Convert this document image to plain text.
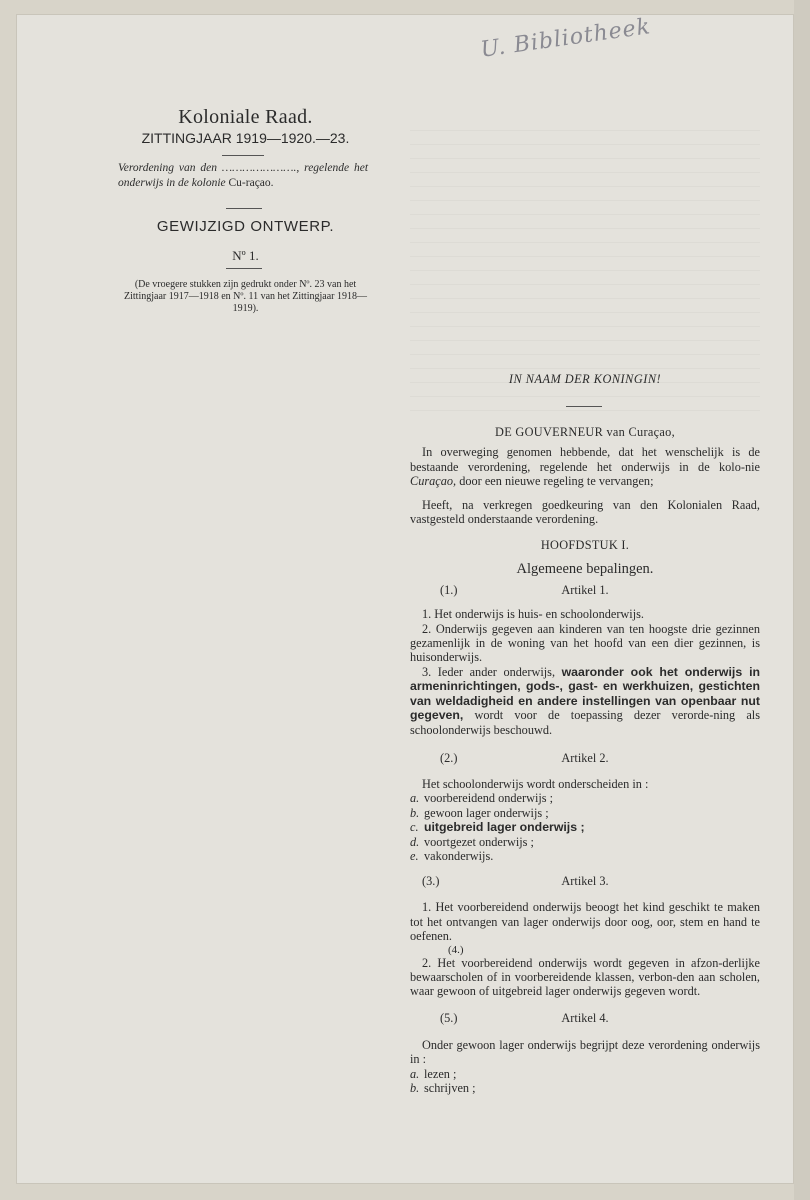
U. Bibliotheek
Koloniale Raad.
ZITTINGJAAR 1919—1920.—23.
Verordening van den …………………., regelende het onderwijs in de kolonie Cu-raçao.
GEWIJZIGD ONTWERP.
Nº 1.
(De vroegere stukken zijn gedrukt onder Nº. 23 van het Zittingjaar 1917—1918 en Nº. 11 van het Zittingjaar 1918—1919).
IN NAAM DER KONINGIN!
DE GOUVERNEUR van Curaçao,

In overweging genomen hebbende, dat het wenschelijk is de bestaande verordening, regelende het onderwijs in de kolo-nie Curaçao, door een nieuwe regeling te vervangen;

Heeft, na verkregen goedkeuring van den Kolonialen Raad, vastgesteld onderstaande verordening.

HOOFDSTUK I.
Algemeene bepalingen.
(1.)	Artikel 1.

1. Het onderwijs is huis- en schoolonderwijs.

2. Onderwijs gegeven aan kinderen van ten hoogste drie gezinnen gezamenlijk in de woning van het hoofd van een dier gezinnen, is huisonderwijs.

3. Ieder ander onderwijs, waaronder ook het onderwijs in armeninrichtingen, gods-, gast- en werkhuizen, gestichten van weldadigheid en andere instellingen van openbaar nut gegeven, wordt voor de toepassing dezer verorde-ning als schoolonderwijs beschouwd.

(2.)	Artikel 2.

Het schoolonderwijs wordt onderscheiden in :

a. voorbereidend onderwijs ;
b. gewoon lager onderwijs ;
c. uitgebreid lager onderwijs ;
d. voortgezet onderwijs ;
e. vakonderwijs.
(3.)	Artikel 3.

1. Het voorbereidend onderwijs beoogt het kind geschikt te maken tot het ontvangen van lager onderwijs door oog, oor, stem en hand te oefenen.

(4.)

2. Het voorbereidend onderwijs wordt gegeven in afzon-derlijke bewaarscholen of in voorbereidende klassen, verbon-den aan scholen, waar gewoon of uitgebreid lager onderwijs gegeven wordt.

(5.)	Artikel 4.

Onder gewoon lager onderwijs begrijpt deze verordening onderwijs in :

a. lezen ;
b. schrijven ;
